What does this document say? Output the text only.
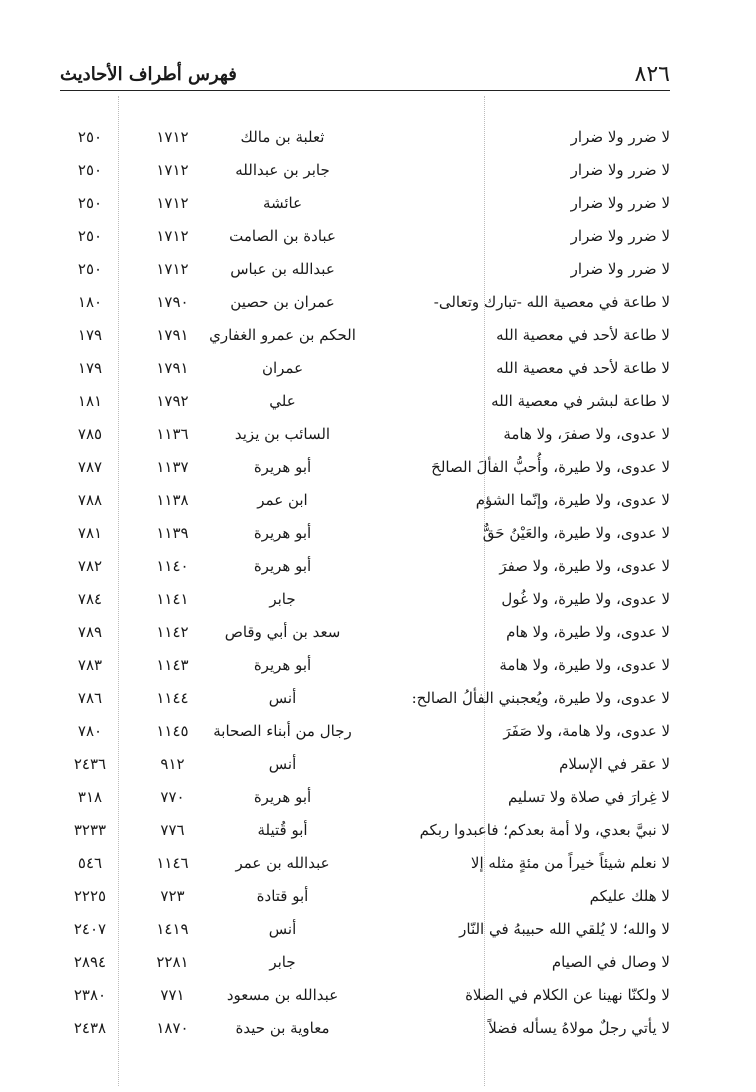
٨٢٦
فهرس أطراف الأحاديث
لا ضرر ولا ضرار
ثعلبة بن مالك
١٧١٢
٢٥٠
لا ضرر ولا ضرار
جابر بن عبدالله
١٧١٢
٢٥٠
لا ضرر ولا ضرار
عائشة
١٧١٢
٢٥٠
لا ضرر ولا ضرار
عبادة بن الصامت
١٧١٢
٢٥٠
لا ضرر ولا ضرار
عبدالله بن عباس
١٧١٢
٢٥٠
لا طاعة في معصية الله -تبارك وتعالى-
عمران بن حصين
١٧٩٠
١٨٠
لا طاعة لأحد في معصية الله
الحكم بن عمرو الغفاري
١٧٩١
١٧٩
لا طاعة لأحد في معصية الله
عمران
١٧٩١
١٧٩
لا طاعة لبشر في معصية الله
علي
١٧٩٢
١٨١
لا عدوى، ولا صفرَ، ولا هامة
السائب بن يزيد
١١٣٦
٧٨٥
لا عدوى، ولا طيرة، وأُحبُّ الفألَ الصالحَ
أبو هريرة
١١٣٧
٧٨٧
لا عدوى، ولا طيرة، وإنّما الشؤم
ابن عمر
١١٣٨
٧٨٨
لا عدوى، ولا طيرة، والعَيْنُ حَقٌّ
أبو هريرة
١١٣٩
٧٨١
لا عدوى، ولا طيرة، ولا صفرَ
أبو هريرة
١١٤٠
٧٨٢
لا عدوى، ولا طيرة، ولا غُول
جابر
١١٤١
٧٨٤
لا عدوى، ولا طيرة، ولا هام
سعد بن أبي وقاص
١١٤٢
٧٨٩
لا عدوى، ولا طيرة، ولا هامة
أبو هريرة
١١٤٣
٧٨٣
لا عدوى، ولا طيرة، ويُعجبني الفألُ الصالح:
أنس
١١٤٤
٧٨٦
لا عدوى، ولا هامة، ولا صَفَرَ
رجال من أبناء الصحابة
١١٤٥
٧٨٠
لا عقر في الإسلام
أنس
٩١٢
٢٤٣٦
لا غِرارَ في صلاة ولا تسليم
أبو هريرة
٧٧٠
٣١٨
لا نبيَّ بعدي، ولا أمة بعدكم؛ فاعبدوا ربكم
أبو قُتيلة
٧٧٦
٣٢٣٣
لا نعلم شيئاً خيراً من مئةٍ مثله إلا
عبدالله بن عمر
١١٤٦
٥٤٦
لا هلك عليكم
أبو قتادة
٧٢٣
٢٢٢٥
لا والله؛ لا يُلقي الله حبيبهُ في النّار
أنس
١٤١٩
٢٤٠٧
لا وصال في الصيام
جابر
٢٢٨١
٢٨٩٤
لا ولكنّا نهينا عن الكلام في الصلاة
عبدالله بن مسعود
٧٧١
٢٣٨٠
لا يأتي رجلٌ مولاهُ يسأله فضلاً
معاوية بن حيدة
١٨٧٠
٢٤٣٨
